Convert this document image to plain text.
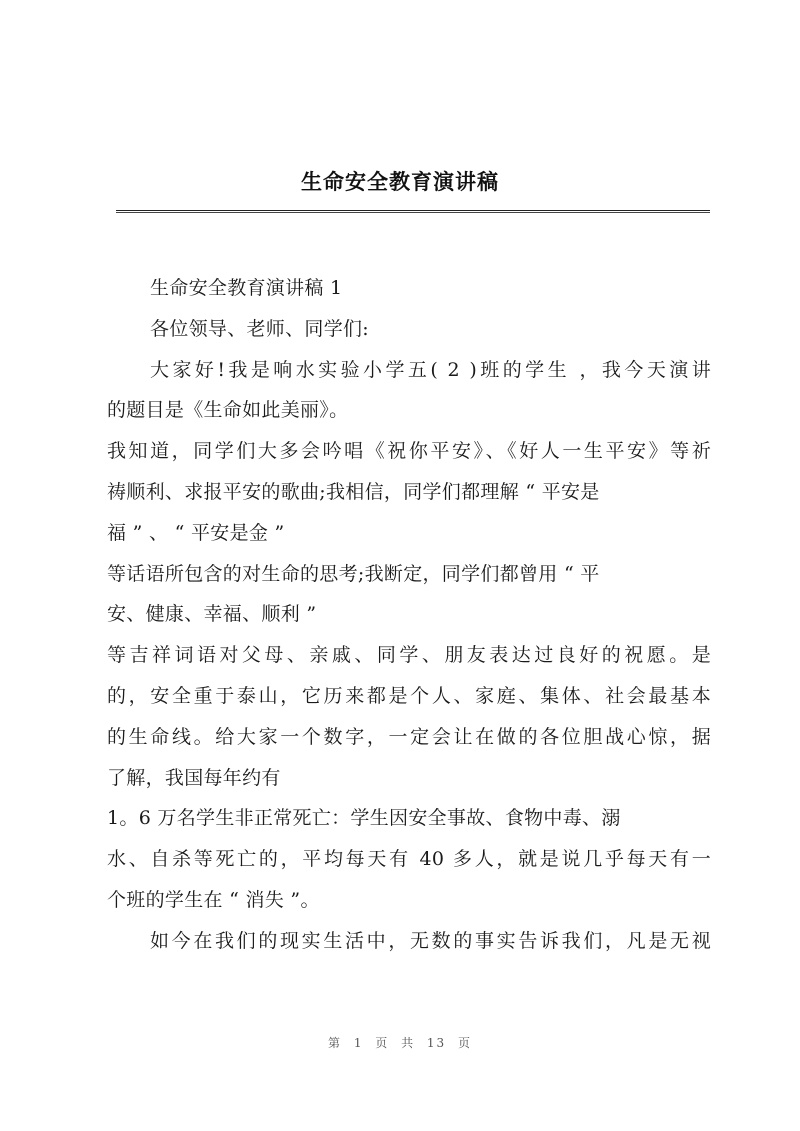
生命安全教育演讲稿
生命安全教育演讲稿 1
各位领导、老师、同学们:
大家好!我是响水实验小学五( 2 )班的学生 ，我今天演讲
的题目是《生命如此美丽》。
我知道，同学们大多会吟唱《祝你平安》、《好人一生平安》等祈
祷顺利、求报平安的歌曲;我相信，同学们都理解 “ 平安是
福 ” 、 “ 平安是金 ”
等话语所包含的对生命的思考;我断定，同学们都曾用 “ 平
安、健康、幸福、顺利 ”
等吉祥词语对父母、亲戚、同学、朋友表达过良好的祝愿。是
的，安全重于泰山，它历来都是个人、家庭、集体、社会最基本
的生命线。给大家一个数字，一定会让在做的各位胆战心惊，据
了解，我国每年约有
1。6 万名学生非正常死亡：学生因安全事故、食物中毒、溺
水、自杀等死亡的，平均每天有 40 多人，就是说几乎每天有一
个班的学生在 “ 消失 ”。
如今在我们的现实生活中，无数的事实告诉我们，凡是无视
第 1 页 共 13 页
